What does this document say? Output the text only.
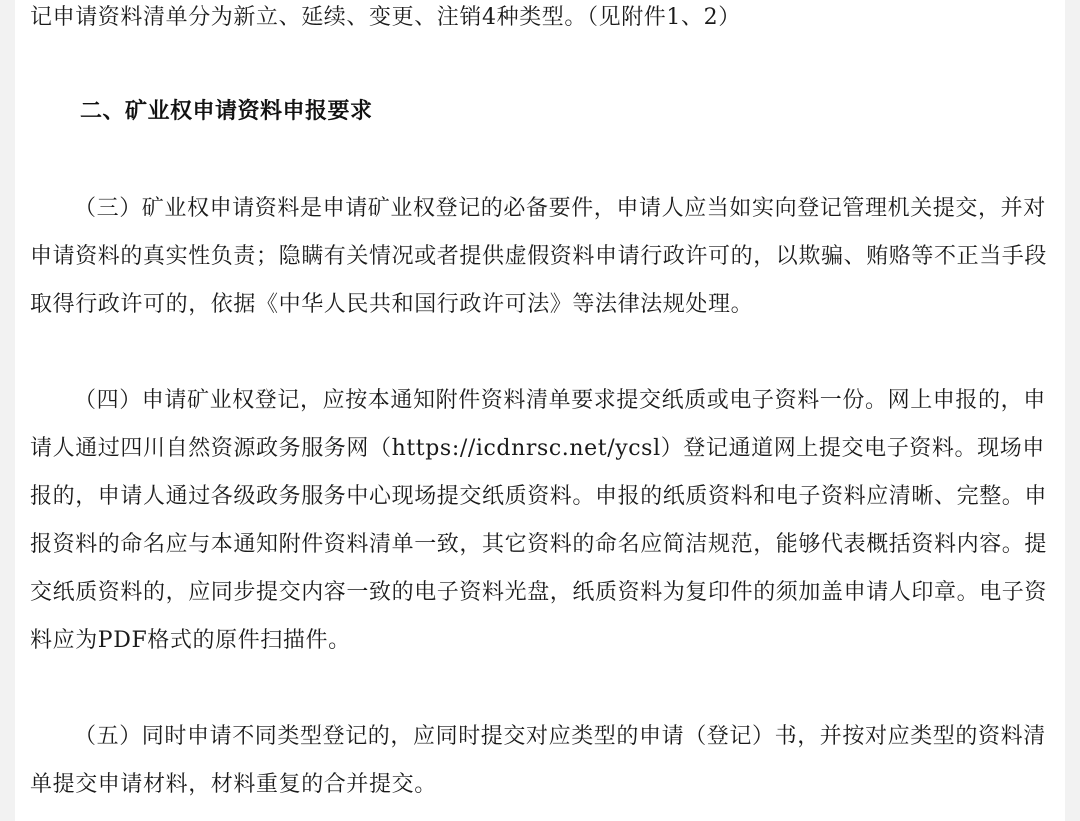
记申请资料清单分为新立、延续、变更、注销4种类型。（见附件1、2）

二、矿业权申请资料申报要求

（三）矿业权申请资料是申请矿业权登记的必备要件，申请人应当如实向登记管理机关提交，并对申请资料的真实性负责；隐瞒有关情况或者提供虚假资料申请行政许可的，以欺骗、贿赂等不正当手段取得行政许可的，依据《中华人民共和国行政许可法》等法律法规处理。

（四）申请矿业权登记，应按本通知附件资料清单要求提交纸质或电子资料一份。网上申报的，申请人通过四川自然资源政务服务网（https://icdnrsc.net/ycsl）登记通道网上提交电子资料。现场申报的，申请人通过各级政务服务中心现场提交纸质资料。申报的纸质资料和电子资料应清晰、完整。申报资料的命名应与本通知附件资料清单一致，其它资料的命名应简洁规范，能够代表概括资料内容。提交纸质资料的，应同步提交内容一致的电子资料光盘，纸质资料为复印件的须加盖申请人印章。电子资料应为PDF格式的原件扫描件。

（五）同时申请不同类型登记的，应同时提交对应类型的申请（登记）书，并按对应类型的资料清单提交申请材料，材料重复的合并提交。
